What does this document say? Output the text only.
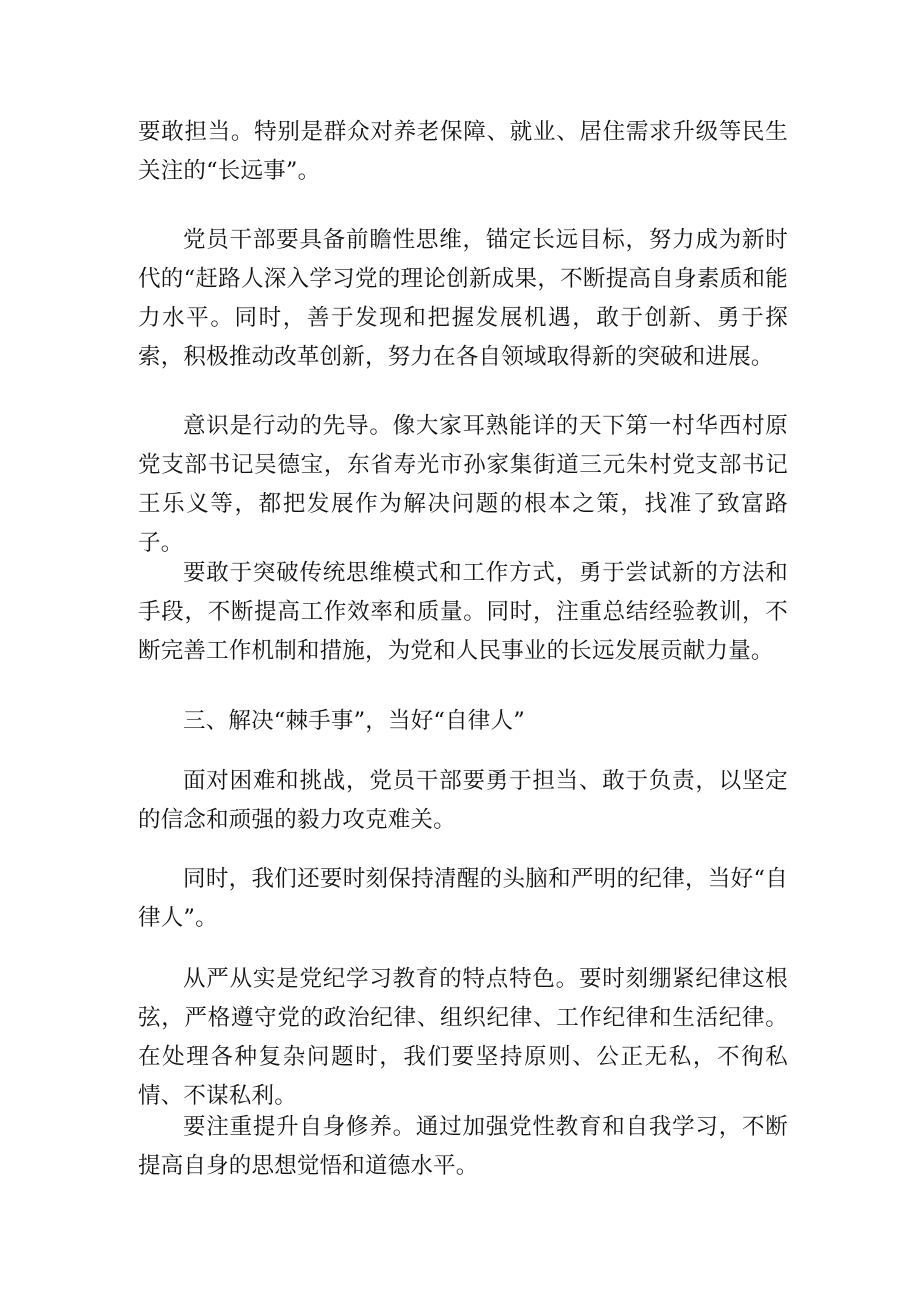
要敢担当。特别是群众对养老保障、就业、居住需求升级等民生关注的“长远事”。

党员干部要具备前瞻性思维，锚定长远目标，努力成为新时代的“赶路人深入学习党的理论创新成果，不断提高自身素质和能力水平。同时，善于发现和把握发展机遇，敢于创新、勇于探索，积极推动改革创新，努力在各自领域取得新的突破和进展。

意识是行动的先导。像大家耳熟能详的天下第一村华西村原党支部书记吴德宝，东省寿光市孙家集街道三元朱村党支部书记王乐义等，都把发展作为解决问题的根本之策，找准了致富路子。

要敢于突破传统思维模式和工作方式，勇于尝试新的方法和手段，不断提高工作效率和质量。同时，注重总结经验教训，不断完善工作机制和措施，为党和人民事业的长远发展贡献力量。

三、解决“棘手事”，当好“自律人”

面对困难和挑战，党员干部要勇于担当、敢于负责，以坚定的信念和顽强的毅力攻克难关。

同时，我们还要时刻保持清醒的头脑和严明的纪律，当好“自律人”。

从严从实是党纪学习教育的特点特色。要时刻绷紧纪律这根弦，严格遵守党的政治纪律、组织纪律、工作纪律和生活纪律。在处理各种复杂问题时，我们要坚持原则、公正无私，不徇私情、不谋私利。

要注重提升自身修养。通过加强党性教育和自我学习，不断提高自身的思想觉悟和道德水平。
